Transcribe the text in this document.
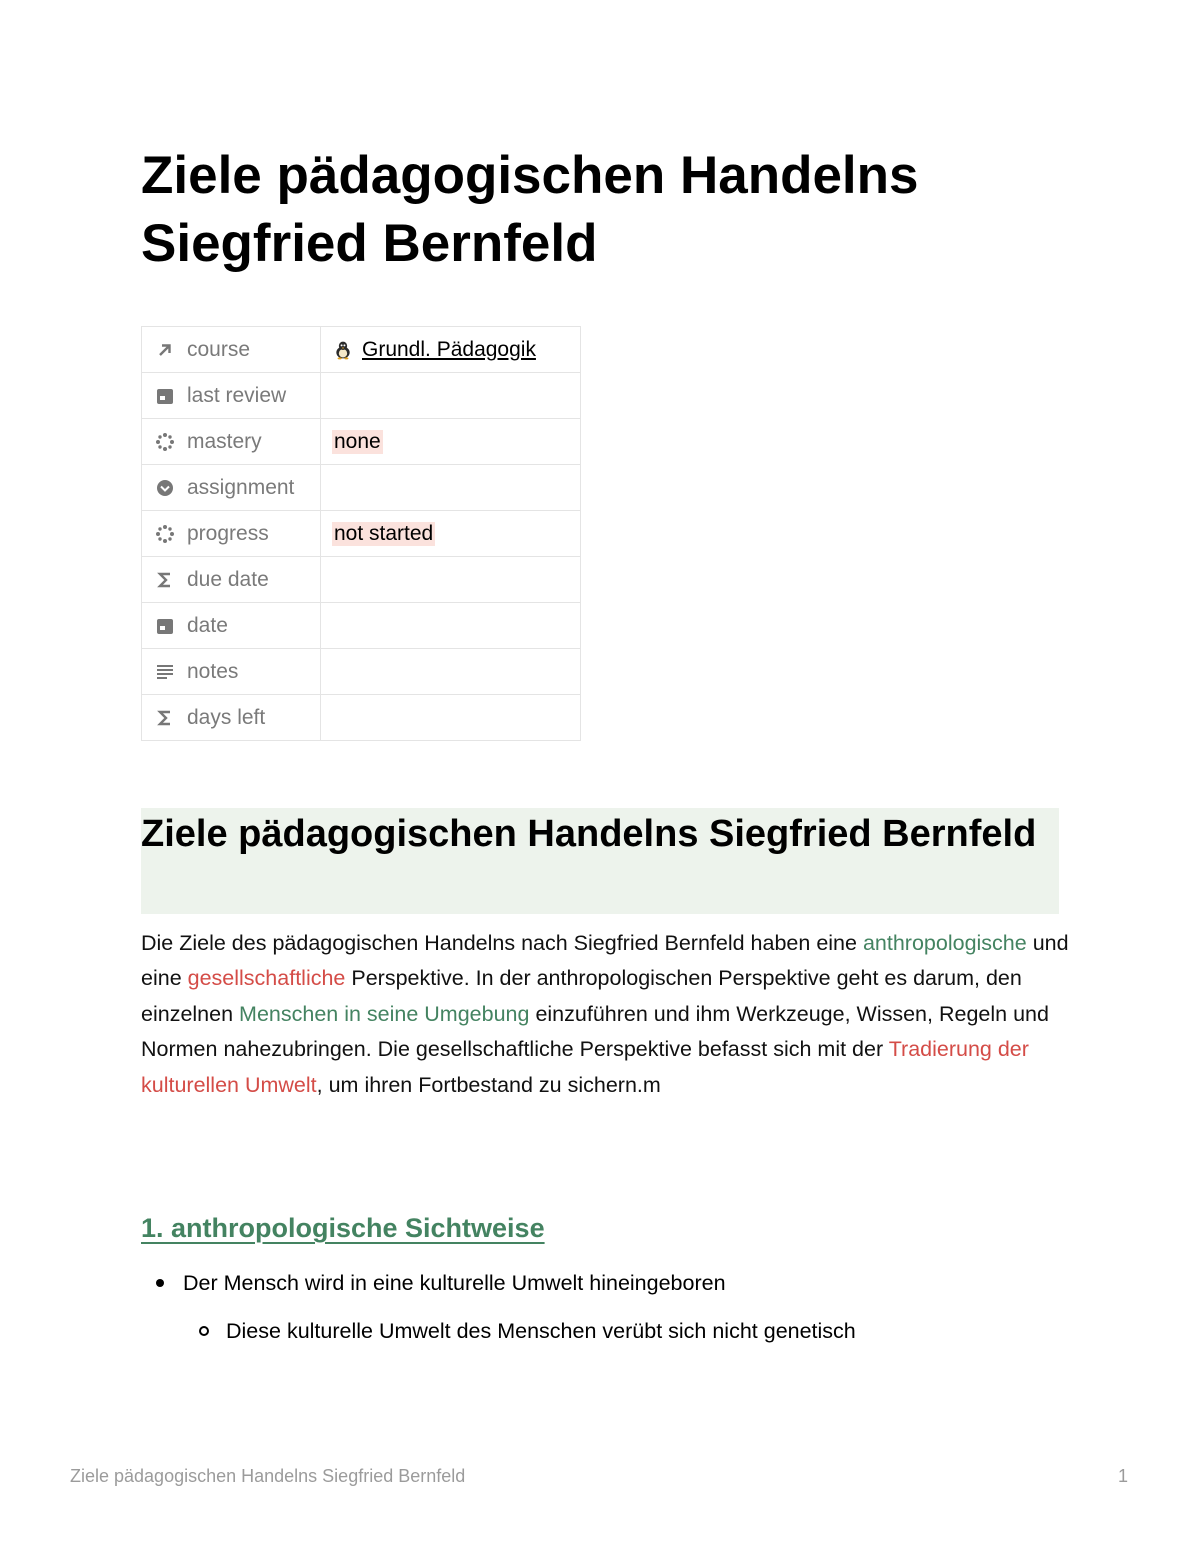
Ziele pädagogischen Handelns Siegfried Bernfeld
course	Grundl. Pädagogik

last review	

mastery	none

assignment	

progress	not started

due date	

date	

notes	

days left	

Ziele pädagogischen Handelns Siegfried Bernfeld

Die Ziele des pädagogischen Handelns nach Siegfried Bernfeld haben eine anthropologische und eine gesellschaftliche Perspektive. In der anthropologischen Perspektive geht es darum, den einzelnen Menschen in seine Umgebung einzuführen und ihm Werkzeuge, Wissen, Regeln und Normen nahezubringen. Die gesellschaftliche Perspektive befasst sich mit der Tradierung der kulturellen Umwelt, um ihren Fortbestand zu sichern.m

1. anthropologische Sichtweise
Der Mensch wird in eine kulturelle Umwelt hineingeboren
Diese kulturelle Umwelt des Menschen verübt sich nicht genetisch
Ziele pädagogischen Handelns Siegfried Bernfeld	1
